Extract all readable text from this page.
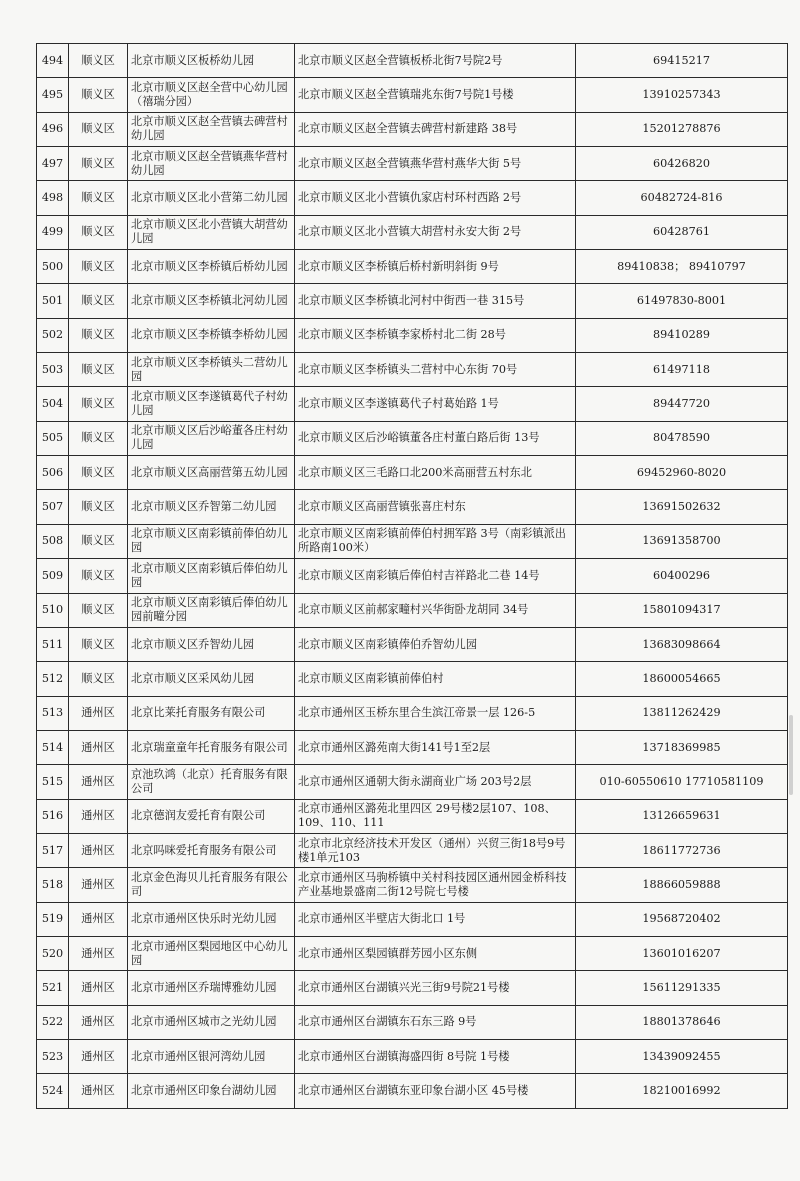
494	顺义区	北京市顺义区板桥幼儿园	北京市顺义区赵全营镇板桥北街7号院2号	69415217
495	顺义区	北京市顺义区赵全营中心幼儿园（禧瑞分园）	北京市顺义区赵全营镇瑞兆东街7号院1号楼	13910257343
496	顺义区	北京市顺义区赵全营镇去碑营村幼儿园	北京市顺义区赵全营镇去碑营村新建路 38号	15201278876
497	顺义区	北京市顺义区赵全营镇燕华营村幼儿园	北京市顺义区赵全营镇燕华营村燕华大街 5号	60426820
498	顺义区	北京市顺义区北小营第二幼儿园	北京市顺义区北小营镇仇家店村环村西路 2号	60482724-816
499	顺义区	北京市顺义区北小营镇大胡营幼儿园	北京市顺义区北小营镇大胡营村永安大街 2号	60428761
500	顺义区	北京市顺义区李桥镇后桥幼儿园	北京市顺义区李桥镇后桥村新明斜街 9号	89410838； 89410797
501	顺义区	北京市顺义区李桥镇北河幼儿园	北京市顺义区李桥镇北河村中街西一巷 315号	61497830-8001
502	顺义区	北京市顺义区李桥镇李桥幼儿园	北京市顺义区李桥镇李家桥村北二街 28号	89410289
503	顺义区	北京市顺义区李桥镇头二营幼儿园	北京市顺义区李桥镇头二营村中心东街 70号	61497118
504	顺义区	北京市顺义区李遂镇葛代子村幼儿园	北京市顺义区李遂镇葛代子村葛始路 1号	89447720
505	顺义区	北京市顺义区后沙峪董各庄村幼儿园	北京市顺义区后沙峪镇董各庄村董白路后街 13号	80478590
506	顺义区	北京市顺义区高丽营第五幼儿园	北京市顺义区三毛路口北200米高丽营五村东北	69452960-8020
507	顺义区	北京市顺义区乔智第二幼儿园	北京市顺义区高丽营镇张喜庄村东	13691502632
508	顺义区	北京市顺义区南彩镇前俸伯幼儿园	北京市顺义区南彩镇前俸伯村拥军路 3号（南彩镇派出所路南100米）	13691358700
509	顺义区	北京市顺义区南彩镇后俸伯幼儿园	北京市顺义区南彩镇后俸伯村吉祥路北二巷 14号	60400296
510	顺义区	北京市顺义区南彩镇后俸伯幼儿园前疃分园	北京市顺义区前郝家疃村兴华街卧龙胡同 34号	15801094317
511	顺义区	北京市顺义区乔智幼儿园	北京市顺义区南彩镇俸伯乔智幼儿园	13683098664
512	顺义区	北京市顺义区采风幼儿园	北京市顺义区南彩镇前俸伯村	18600054665
513	通州区	北京比莱托育服务有限公司	北京市通州区玉桥东里合生滨江帝景一层 126-5	13811262429
514	通州区	北京瑞童童年托育服务有限公司	北京市通州区潞苑南大街141号1至2层	13718369985
515	通州区	京池玖鸿（北京）托育服务有限公司	北京市通州区通朝大街永湖商业广场 203号2层	010-60550610 17710581109
516	通州区	北京德润友爱托育有限公司	北京市通州区潞苑北里四区 29号楼2层107、108、109、110、111	13126659631
517	通州区	北京吗咪爱托育服务有限公司	北京市北京经济技术开发区（通州）兴贸三街18号9号楼1单元103	18611772736
518	通州区	北京金色海贝儿托育服务有限公司	北京市通州区马驹桥镇中关村科技园区通州园金桥科技产业基地景盛南二街12号院七号楼	18866059888
519	通州区	北京市通州区快乐时光幼儿园	北京市通州区半壁店大街北口 1号	19568720402
520	通州区	北京市通州区梨园地区中心幼儿园	北京市通州区梨园镇群芳园小区东侧	13601016207
521	通州区	北京市通州区乔瑞博雅幼儿园	北京市通州区台湖镇兴光三街9号院21号楼	15611291335
522	通州区	北京市通州区城市之光幼儿园	北京市通州区台湖镇东石东三路 9号	18801378646
523	通州区	北京市通州区银河湾幼儿园	北京市通州区台湖镇海盛四街 8号院 1号楼	13439092455
524	通州区	北京市通州区印象台湖幼儿园	北京市通州区台湖镇东亚印象台湖小区 45号楼	18210016992
